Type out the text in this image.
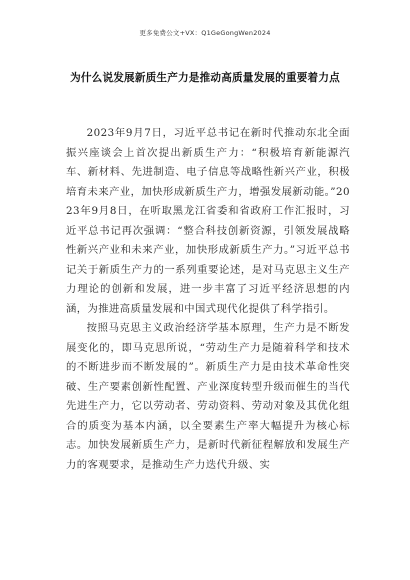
更多免费公文+VX：Q1GeGongWen2024
为什么说发展新质生产力是推动高质量发展的重要着力点

2023年9月7日，习近平总书记在新时代推动东北全面振兴座谈会上首次提出新质生产力：“积极培育新能源汽车、新材料、先进制造、电子信息等战略性新兴产业，积极培育未来产业，加快形成新质生产力，增强发展新动能。”2023年9月8日，在听取黑龙江省委和省政府工作汇报时，习近平总书记再次强调：“整合科技创新资源，引领发展战略性新兴产业和未来产业，加快形成新质生产力。”习近平总书记关于新质生产力的一系列重要论述，是对马克思主义生产力理论的创新和发展，进一步丰富了习近平经济思想的内涵，为推进高质量发展和中国式现代化提供了科学指引。

按照马克思主义政治经济学基本原理，生产力是不断发展变化的，即马克思所说，“劳动生产力是随着科学和技术的不断进步而不断发展的”。新质生产力是由技术革命性突破、生产要素创新性配置、产业深度转型升级而催生的当代先进生产力，它以劳动者、劳动资料、劳动对象及其优化组合的质变为基本内涵，以全要素生产率大幅提升为核心标志。加快发展新质生产力，是新时代新征程解放和发展生产力的客观要求，是推动生产力迭代升级、实
